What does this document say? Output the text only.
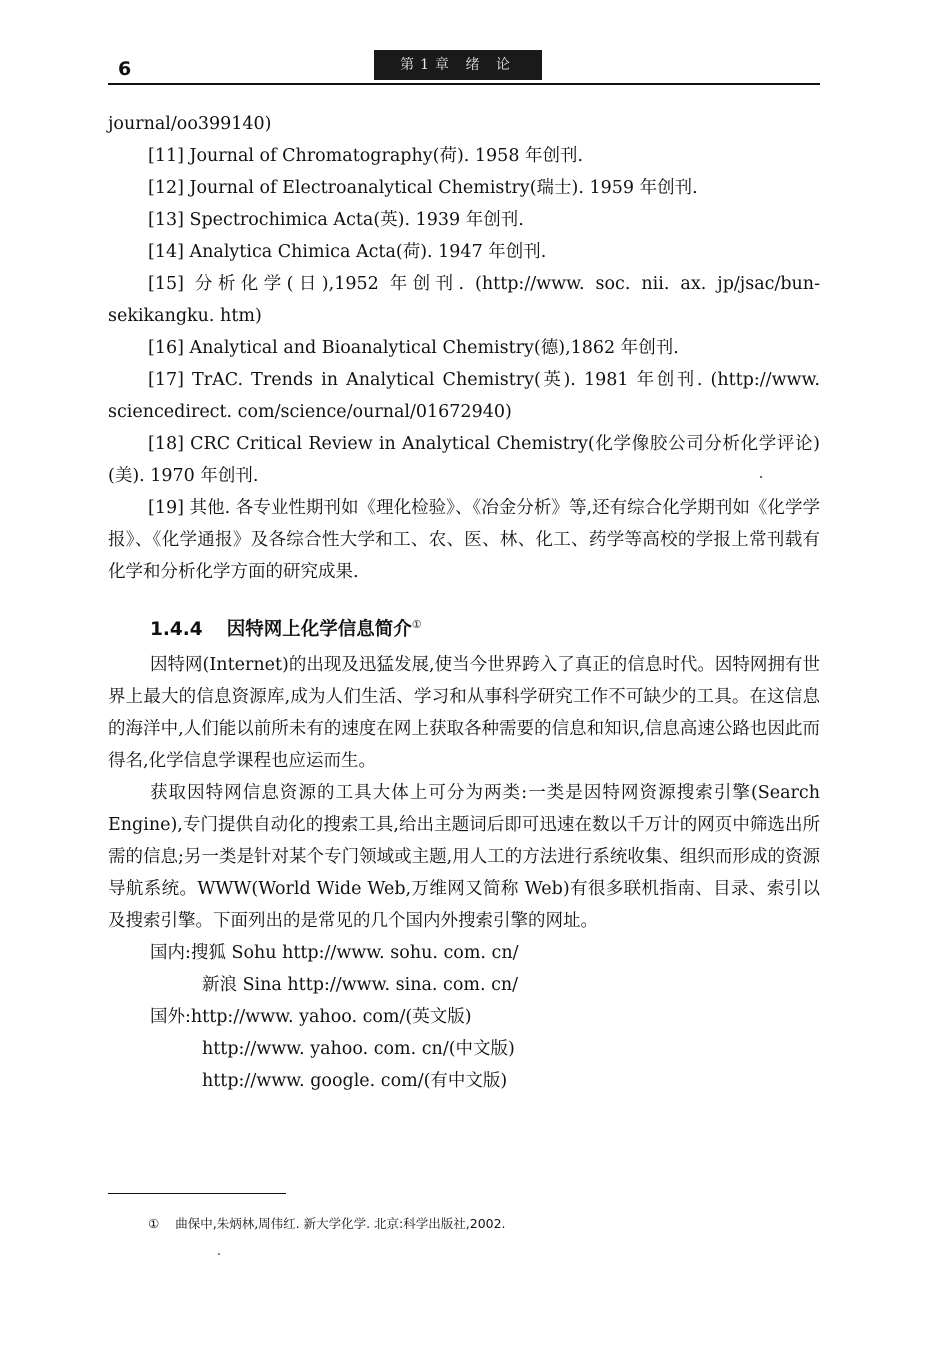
6	第1章 绪 论

journal/oo399140)

[11] Journal of Chromatography(荷). 1958 年创刊.

[12] Journal of Electroanalytical Chemistry(瑞士). 1959 年创刊.

[13] Spectrochimica Acta(英). 1939 年创刊.

[14] Analytica Chimica Acta(荷). 1947 年创刊.

[15] 分析化学(日),1952 年创刊. (http://www. soc. nii. ax. jp/jsac/bun-sekikangku. htm)

[16] Analytical and Bioanalytical Chemistry(德),1862 年创刊.

[17] TrAC. Trends in Analytical Chemistry(英). 1981 年创刊. (http://www. sciencedirect. com/science/ournal/01672940)

[18] CRC Critical Review in Analytical Chemistry(化学像胶公司分析化学评论)(美). 1970 年创刊.

[19] 其他. 各专业性期刊如《理化检验》、《冶金分析》等,还有综合化学期刊如《化学学报》、《化学通报》及各综合性大学和工、农、医、林、化工、药学等高校的学报上常刊载有化学和分析化学方面的研究成果.

1.4.4 因特网上化学信息简介①

因特网(Internet)的出现及迅猛发展,使当今世界跨入了真正的信息时代。因特网拥有世界上最大的信息资源库,成为人们生活、学习和从事科学研究工作不可缺少的工具。在这信息的海洋中,人们能以前所未有的速度在网上获取各种需要的信息和知识,信息高速公路也因此而得名,化学信息学课程也应运而生。

获取因特网信息资源的工具大体上可分为两类:一类是因特网资源搜索引擎(Search Engine),专门提供自动化的搜索工具,给出主题词后即可迅速在数以千万计的网页中筛选出所需的信息;另一类是针对某个专门领域或主题,用人工的方法进行系统收集、组织而形成的资源导航系统。WWW(World Wide Web,万维网又简称 Web)有很多联机指南、目录、索引以及搜索引擎。下面列出的是常见的几个国内外搜索引擎的网址。

国内:搜狐 Sohu http://www. sohu. com. cn/
新浪 Sina http://www. sina. com. cn/
国外:http://www. yahoo. com/(英文版)
http://www. yahoo. com. cn/(中文版)
http://www. google. com/(有中文版)
① 曲保中,朱炳林,周伟红. 新大学化学. 北京:科学出版社,2002.
